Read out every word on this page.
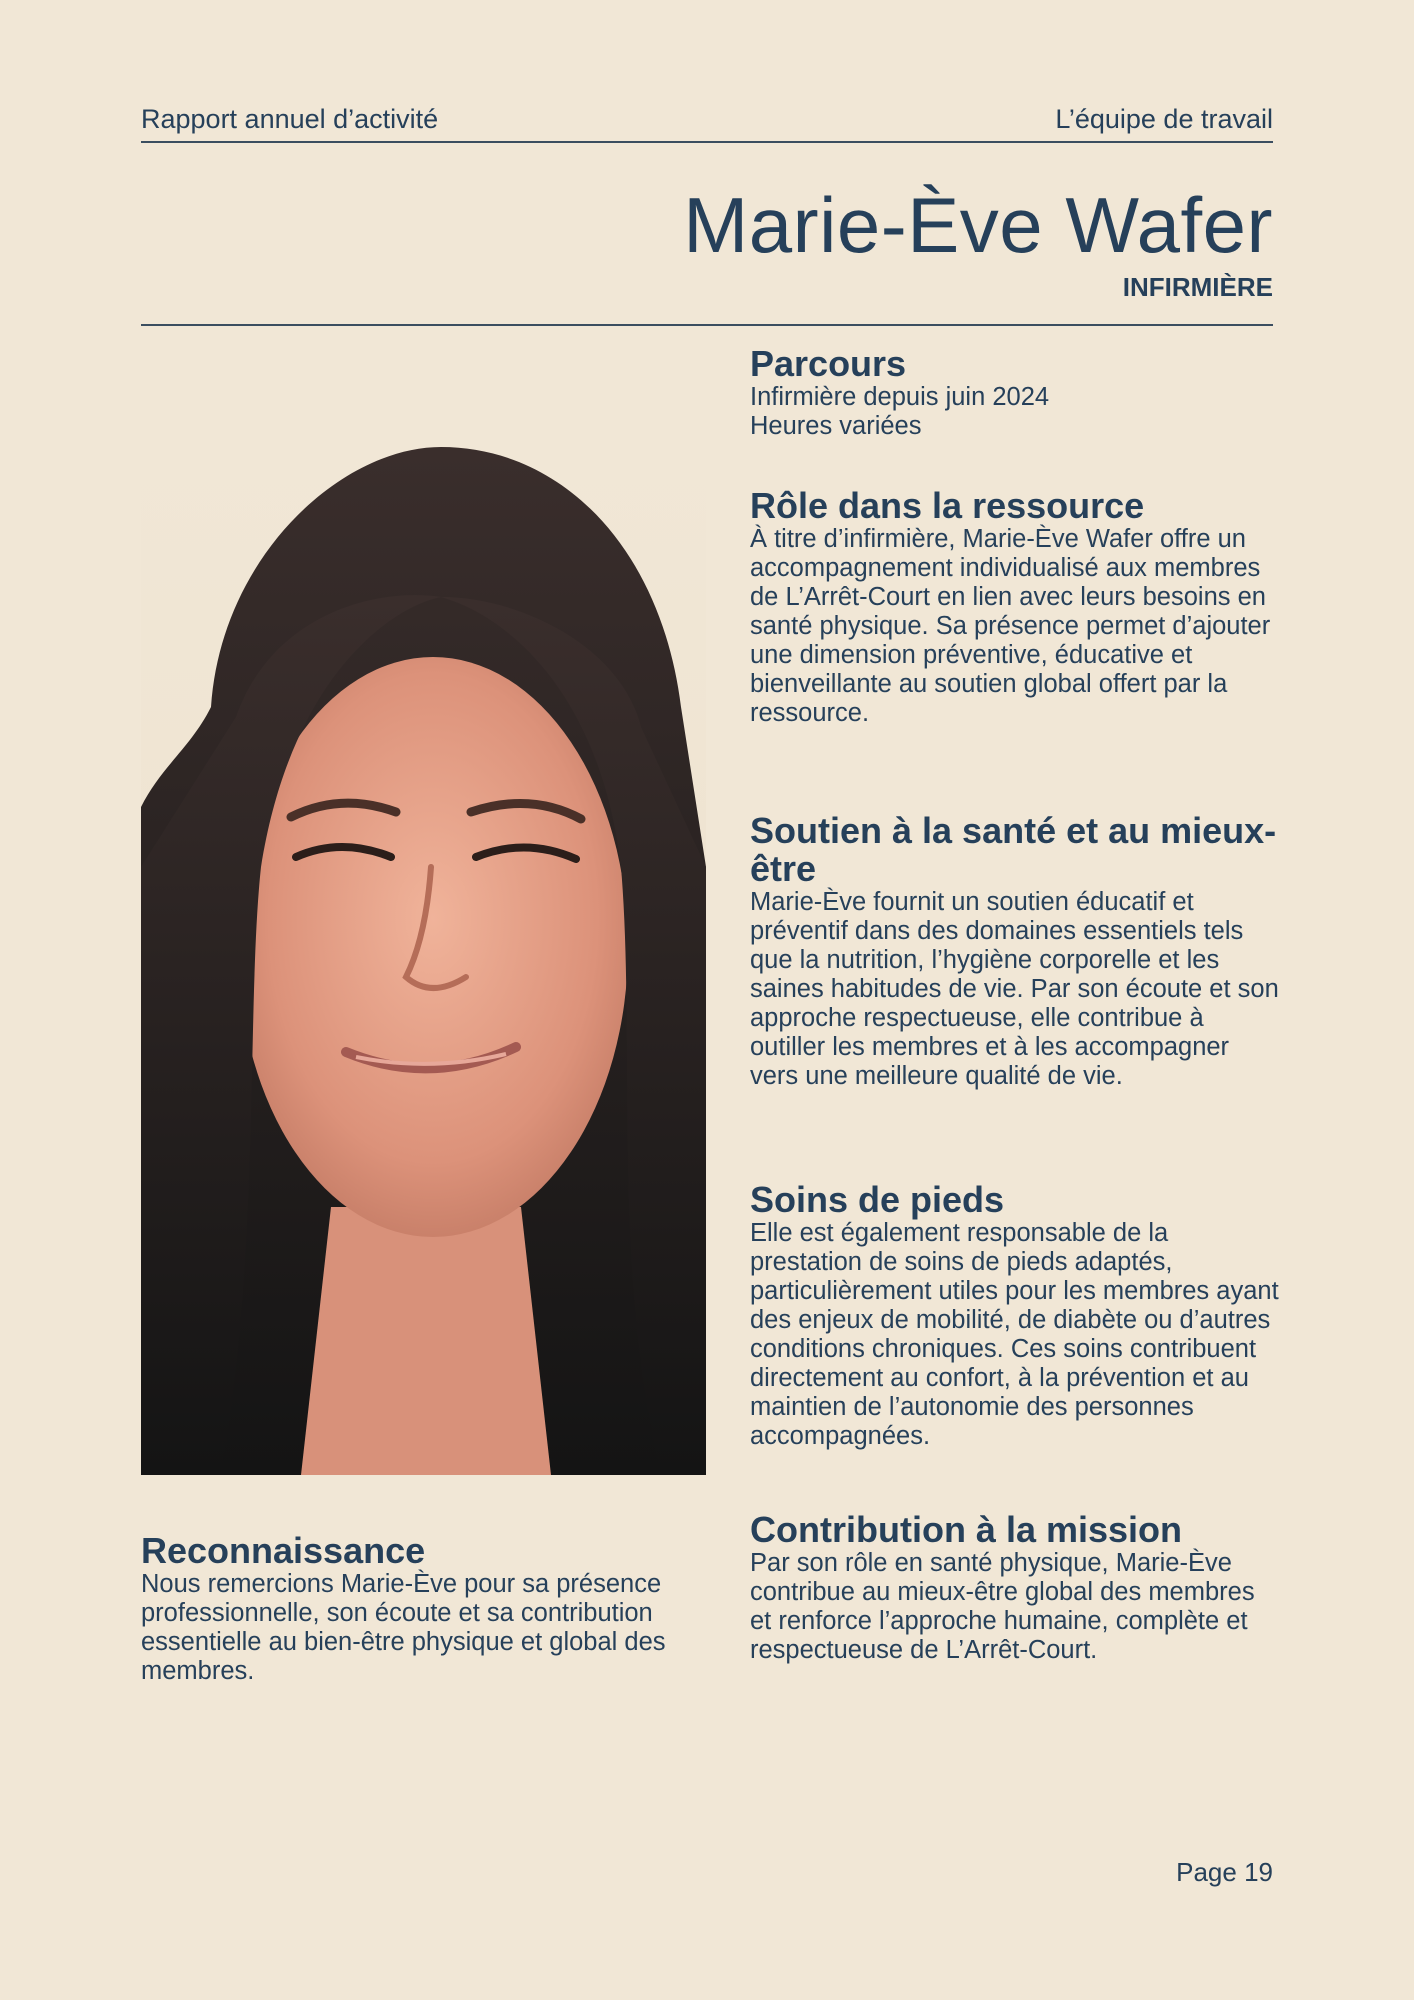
Rapport annuel d’activité	L’équipe de travail
Marie-Ève Wafer
INFIRMIÈRE
Parcours

Infirmière depuis juin 2024

Heures variées

Rôle dans la ressource

À titre d’infirmière, Marie-Ève Wafer offre un accompagnement individualisé aux membres de L’Arrêt-Court en lien avec leurs besoins en santé physique. Sa présence permet d’ajouter une dimension préventive, éducative et bienveillante au soutien global offert par la ressource.

Soutien à la santé et au mieux-être

Marie-Ève fournit un soutien éducatif et préventif dans des domaines essentiels tels que la nutrition, l’hygiène corporelle et les saines habitudes de vie. Par son écoute et son approche respectueuse, elle contribue à outiller les membres et à les accompagner vers une meilleure qualité de vie.

Soins de pieds

Elle est également responsable de la prestation de soins de pieds adaptés, particulièrement utiles pour les membres ayant des enjeux de mobilité, de diabète ou d’autres conditions chroniques. Ces soins contribuent directement au confort, à la prévention et au maintien de l’autonomie des personnes accompagnées.

Contribution à la mission

Par son rôle en santé physique, Marie-Ève contribue au mieux-être global des membres et renforce l’approche humaine, complète et respectueuse de L’Arrêt-Court.

Reconnaissance

Nous remercions Marie-Ève pour sa présence professionnelle, son écoute et sa contribution essentielle au bien-être physique et global des membres.

Page 19
